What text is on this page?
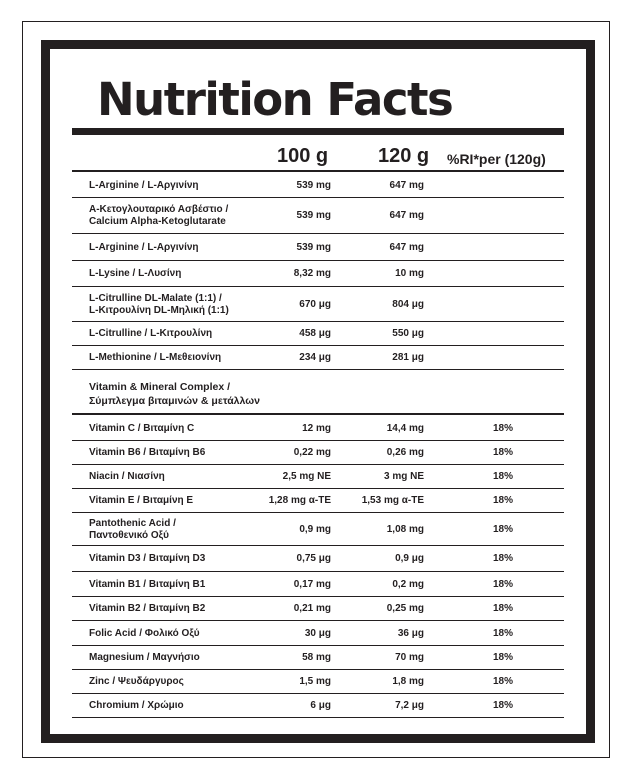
Nutrition Facts
100 g	120 g	%RI*per (120g)
L-Arginine / L-Αργινίνη	539 mg	647 mg
Α-Κετογλουταρικό Ασβέστιο /
Calcium Alpha-Ketoglutarate
539 mg	647 mg
L-Arginine / L-Αργινίνη	539 mg	647 mg
L-Lysine / L-Λυσίνη	8,32 mg	10 mg
L-Citrulline DL-Malate (1:1) /
L-Κιτρουλίνη DL-Μηλική (1:1)
670 μg	804 μg
L-Citrulline / L-Κιτρουλίνη	458 μg	550 μg
L-Methionine / L-Μεθειονίνη	234 μg	281 μg
Vitamin & Mineral Complex /
Σύμπλεγμα βιταμινών & μετάλλων
Vitamin C / Βιταμίνη C	12 mg	14,4 mg	18%
Vitamin B6 / Βιταμίνη B6	0,22 mg	0,26 mg	18%
Niacin / Νιασίνη	2,5 mg NE	3 mg NE	18%
Vitamin E / Βιταμίνη E	1,28 mg α-TE	1,53 mg α-TE	18%
Pantothenic Acid /
Παντοθενικό Οξύ
0,9 mg	1,08 mg	18%
Vitamin D3 / Βιταμίνη D3	0,75 μg	0,9 μg	18%
Vitamin B1 / Βιταμίνη B1	0,17 mg	0,2 mg	18%
Vitamin B2 / Βιταμίνη B2	0,21 mg	0,25 mg	18%
Folic Acid / Φολικό Οξύ	30 μg	36 μg	18%
Magnesium / Μαγνήσιο	58 mg	70 mg	18%
Zinc / Ψευδάργυρος	1,5 mg	1,8 mg	18%
Chromium / Χρώμιο	6 μg	7,2 μg	18%
